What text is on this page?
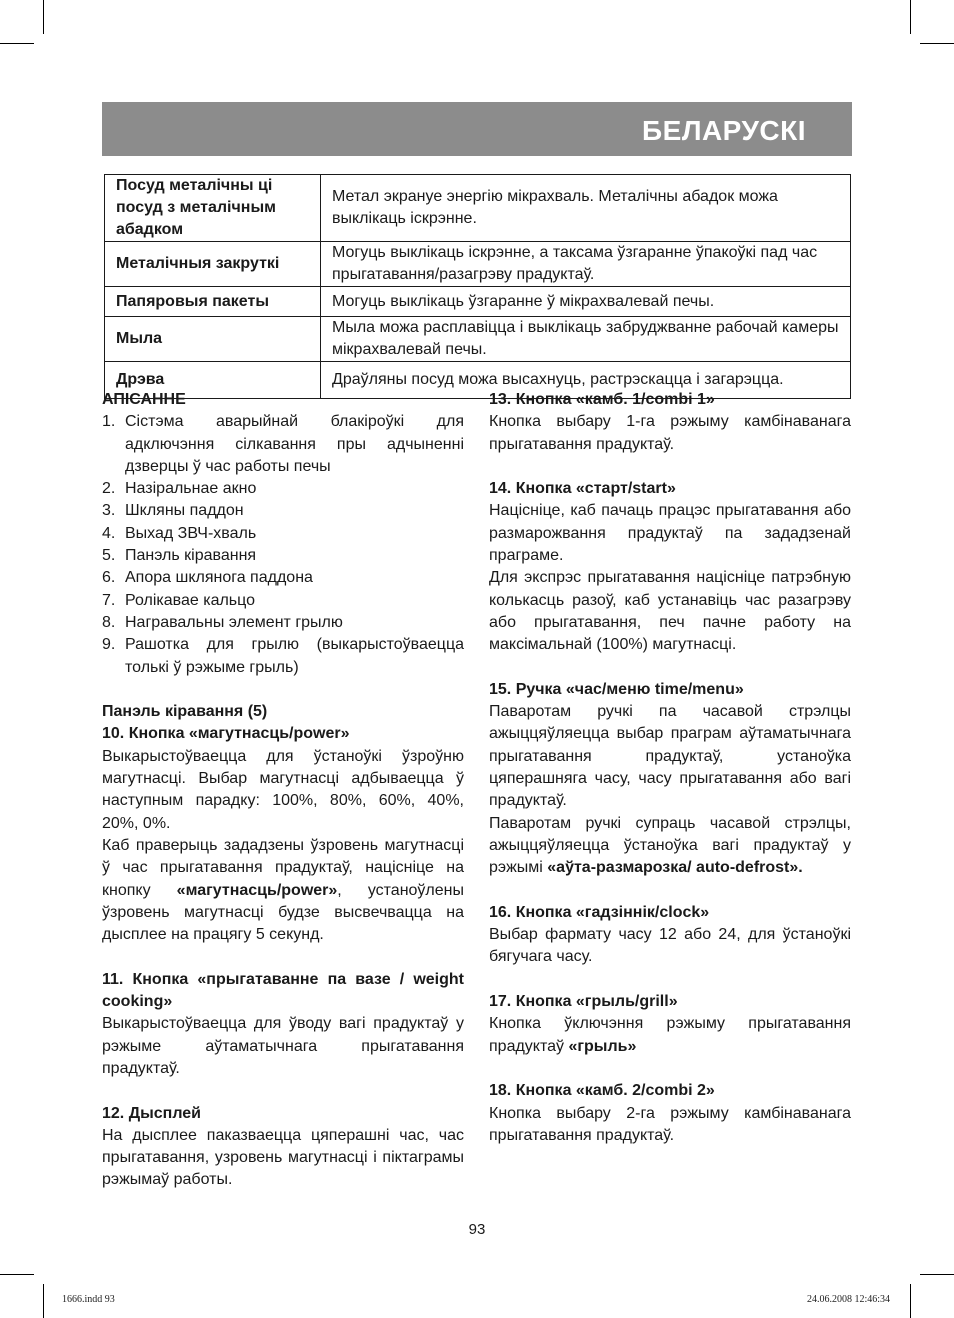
БЕЛАРУСКІ
Посуд металічны ці посуд з металічным абадком	Метал экрануе энергію мікрахваль. Металічны абадок можа выклікаць іскрэнне.
Металічныя закруткі	Могуць выклікаць іскрэнне, а таксама ўзгаранне ўпакоўкі пад час прыгатавання/разагрэву прадуктаў.
Папяровыя пакеты	Могуць выклікаць ўзгаранне ў мікрахвалевай печы.
Мыла	Мыла можа расплавіцца і выклікаць забруджванне рабочай камеры мікрахвалевай печы.
Дрэва	Драўляны посуд можа высахнуць, растрэскацца і загарэцца.

АПІСАННЕ

1. Сістэма аварыйнай блакіроўкі для адключэння сілкавання пры адчыненні дзверцы ў час работы печы
2. Назіральнае акно
3. Шкляны паддон
4. Выхад ЗВЧ-хваль
5. Панэль кіравання
6. Апора шклянога паддона
7. Ролікавае кальцо
8. Награвальны элемент грылю
9. Рашотка для грылю (выкарыстоўваецца толькі ў рэжыме грыль)

Панэль кіравання (5)

10. Кнопка «магутнасць/power»

Выкарыстоўваецца для ўстаноўкі ўзроўню магутнасці. Выбар магутнасці адбываецца ў наступным парадку: 100%, 80%, 60%, 40%, 20%, 0%.

Каб праверыць зададзены ўзровень магутнасці ў час прыгатавання прадуктаў, націсніце на кнопку «магутнасць/power», устаноўлены ўзровень магутнасці будзе высвечвацца на дысплее на працягу 5 секунд.

11. Кнопка «прыгатаванне па вазе / weight cooking»

Выкарыстоўваецца для ўводу вагі прадуктаў у рэжыме аўтаматычнага прыгатавання прадуктаў.

12. Дысплей

На дысплее паказваецца цяперашні час, час прыгатавання, узровень магутнасці і піктаграмы рэжымаў работы.

13. Кнопка «камб. 1/combi 1»

Кнопка выбару 1-га рэжыму камбінаванага прыгатавання прадуктаў.

14. Кнопка «старт/start»

Націсніце, каб пачаць працэс прыгатавання або размарожвання прадуктаў па зададзенай праграме.

Для экспрэс прыгатавання націсніце патрэбную колькасць разоў, каб устанавіць час разагрэву або прыгатавання, печ пачне работу на максімальнай (100%) магутнасці.

15. Ручка «час/меню time/menu»

Паваротам ручкі па часавой стрэлцы ажыццяўляецца выбар праграм аўтаматычнага прыгатавання прадуктаў, устаноўка цяперашняга часу, часу прыгатавання або вагі прадуктаў.

Паваротам ручкі супраць часавой стрэлцы, ажыццяўляецца ўстаноўка вагі прадуктаў у рэжымі «аўта-размарозка/ auto-defrost».

16. Кнопка «гадзіннік/clock»

Выбар фармату часу 12 або 24, для ўстаноўкі бягучага часу.

17. Кнопка «грыль/grill»

Кнопка ўключэння рэжыму прыгатавання прадуктаў «грыль»

18. Кнопка «камб. 2/combi 2»

Кнопка выбару 2-га рэжыму камбінаванага прыгатавання прадуктаў.

93
1666.indd 93	24.06.2008 12:46:34
